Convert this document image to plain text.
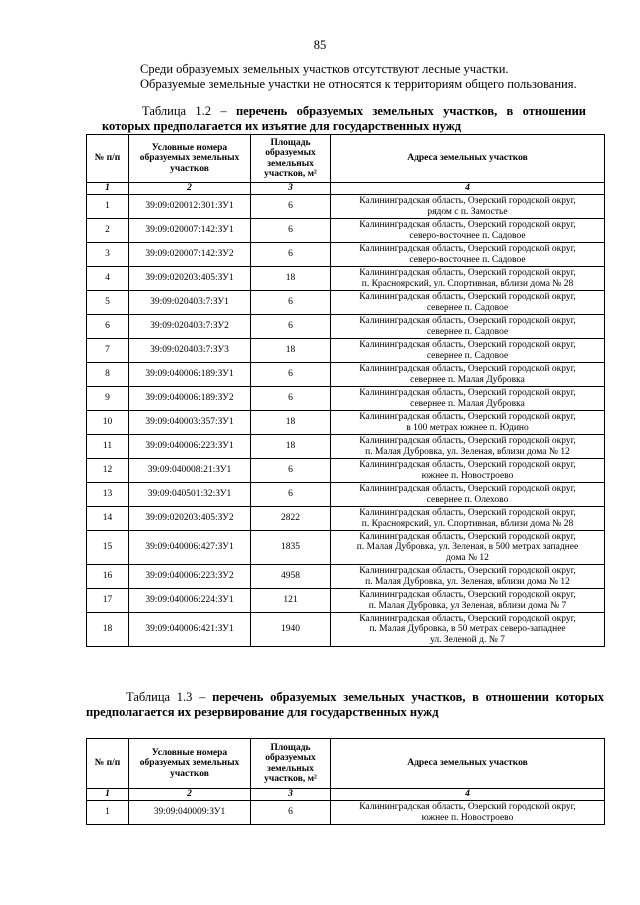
85
Среди образуемых земельных участков отсутствуют лесные участки.
Образуемые земельные участки не относятся к территориям общего пользования.
Таблица 1.2 – перечень образуемых земельных участков, в отношении которых предполагается их изъятие для государственных нужд
№ п/п	Условные номера образуемых земельных участков	Площадь образуемых земельных участков, м²	Адреса земельных участков
1	2	3	4
1	39:09:020012:301:ЗУ1	6	Калининградская область, Озерский городской округ,
рядом с п. Замостье

2	39:09:020007:142:ЗУ1	6	Калининградская область, Озерский городской округ,
северо-восточнее п. Садовое

3	39:09:020007:142:ЗУ2	6	Калининградская область, Озерский городской округ,
северо-восточнее п. Садовое

4	39:09:020203:405:ЗУ1	18	Калининградская область, Озерский городской округ,
п. Красноярский, ул. Спортивная, вблизи дома № 28

5	39:09:020403:7:ЗУ1	6	Калининградская область, Озерский городской округ,
севернее п. Садовое

6	39:09:020403:7:ЗУ2	6	Калининградская область, Озерский городской округ,
севернее п. Садовое

7	39:09:020403:7:ЗУ3	18	Калининградская область, Озерский городской округ,
севернее п. Садовое

8	39:09:040006:189:ЗУ1	6	Калининградская область, Озерский городской округ,
севернее п. Малая Дубровка

9	39:09:040006:189:ЗУ2	6	Калининградская область, Озерский городской округ,
севернее п. Малая Дубровка

10	39:09:040003:357:ЗУ1	18	Калининградская область, Озерский городской округ,
в 100 метрах южнее п. Юдино

11	39:09:040006:223:ЗУ1	18	Калининградская область, Озерский городской округ,
п. Малая Дубровка, ул. Зеленая, вблизи дома № 12

12	39:09:040008:21:ЗУ1	6	Калининградская область, Озерский городской округ,
южнее п. Новостроево

13	39:09:040501:32:ЗУ1	6	Калининградская область, Озерский городской округ,
севернее п. Олехово

14	39:09:020203:405:ЗУ2	2822	Калининградская область, Озерский городской округ,
п. Красноярский, ул. Спортивная, вблизи дома № 28

15	39:09:040006:427:ЗУ1	1835	Калининградская область, Озерский городской округ,
п. Малая Дубровка, ул. Зеленая, в 500 метрах западнее
дома № 12

16	39:09:040006:223:ЗУ2	4958	Калининградская область, Озерский городской округ,
п. Малая Дубровка, ул. Зеленая, вблизи дома № 12

17	39:09:040006:224:ЗУ1	121	Калининградская область, Озерский городской округ,
п. Малая Дубровка, ул Зеленая, вблизи дома № 7

18	39:09:040006:421:ЗУ1	1940	Калининградская область, Озерский городской округ,
п. Малая Дубровка, в 50 метрах северо-западнее
ул. Зеленой д. № 7
Таблица 1.3 – перечень образуемых земельных участков, в отношении которых предполагается их резервирование для государственных нужд
№ п/п	Условные номера образуемых земельных участков	Площадь образуемых земельных участков, м²	Адреса земельных участков
1	2	3	4
1	39:09:040009:ЗУ1	6	Калининградская область, Озерский городской округ,
южнее п. Новостроево
